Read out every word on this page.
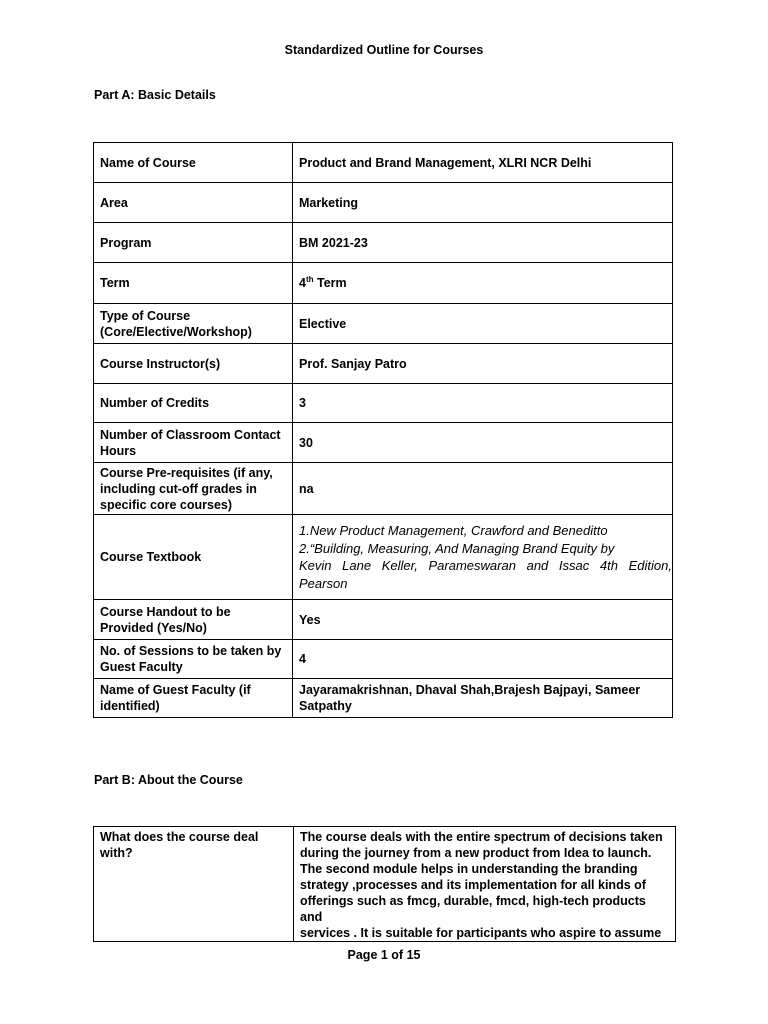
Standardized Outline for Courses
Part A: Basic Details
Name of Course	Product and Brand Management, XLRI NCR Delhi
Area	Marketing
Program	BM 2021-23
Term	4th Term
Type of Course (Core/Elective/Workshop)	Elective
Course Instructor(s)	Prof. Sanjay Patro
Number of Credits	3
Number of Classroom Contact Hours	30
Course Pre-requisites (if any, including cut-off grades in specific core courses)	na
Course Textbook	1.New Product Management, Crawford and Beneditto
2.“Building, Measuring, And Managing Brand Equity by
Kevin Lane Keller, Parameswaran and Issac 4th Edition,
Pearson

Course Handout to be Provided (Yes/No)	Yes
No. of Sessions to be taken by Guest Faculty	4
Name of Guest Faculty (if identified)	Jayaramakrishnan, Dhaval Shah,Brajesh Bajpayi, Sameer Satpathy
Part B: About the Course
What does the course deal with?	
The course deals with the entire spectrum of decisions taken
during the journey from a new product from Idea to launch.
The second module helps in understanding the branding
strategy ,processes and its implementation for all kinds of
offerings such as fmcg, durable, fmcd, high-tech products and
services . It is suitable for participants who aspire to assume
Page 1 of 15
